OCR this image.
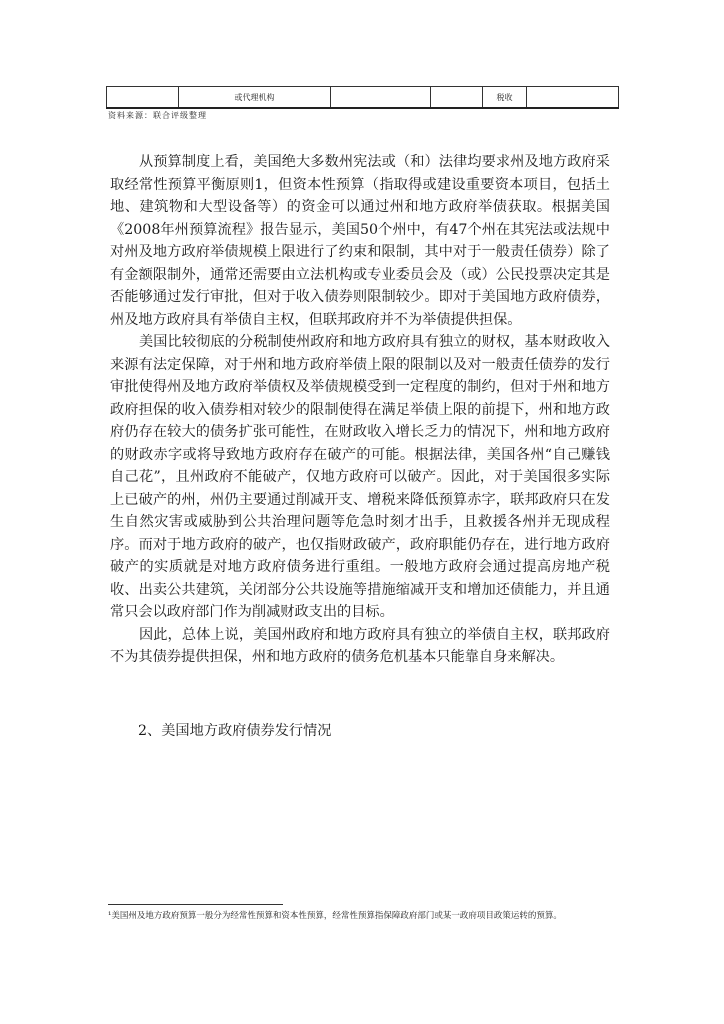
	或代理机构			税收	
资料来源：联合评级整理

从预算制度上看，美国绝大多数州宪法或（和）法律均要求州及地方政府采取经常性预算平衡原则1，但资本性预算（指取得或建设重要资本项目，包括土地、建筑物和大型设备等）的资金可以通过州和地方政府举债获取。根据美国《2008年州预算流程》报告显示，美国50个州中，有47个州在其宪法或法规中对州及地方政府举债规模上限进行了约束和限制，其中对于一般责任债券）除了有金额限制外，通常还需要由立法机构或专业委员会及（或）公民投票决定其是否能够通过发行审批，但对于收入债券则限制较少。即对于美国地方政府债券，州及地方政府具有举债自主权，但联邦政府并不为举债提供担保。

美国比较彻底的分税制使州政府和地方政府具有独立的财权，基本财政收入来源有法定保障，对于州和地方政府举债上限的限制以及对一般责任债券的发行审批使得州及地方政府举债权及举债规模受到一定程度的制约，但对于州和地方政府担保的收入债券相对较少的限制使得在满足举债上限的前提下，州和地方政府仍存在较大的债务扩张可能性，在财政收入增长乏力的情况下，州和地方政府的财政赤字或将导致地方政府存在破产的可能。根据法律，美国各州“自己赚钱自己花”，且州政府不能破产，仅地方政府可以破产。因此，对于美国很多实际上已破产的州，州仍主要通过削减开支、增税来降低预算赤字，联邦政府只在发生自然灾害或威胁到公共治理问题等危急时刻才出手，且救援各州并无现成程序。而对于地方政府的破产，也仅指财政破产，政府职能仍存在，进行地方政府破产的实质就是对地方政府债务进行重组。一般地方政府会通过提高房地产税收、出卖公共建筑，关闭部分公共设施等措施缩减开支和增加还债能力，并且通常只会以政府部门作为削减财政支出的目标。

因此，总体上说，美国州政府和地方政府具有独立的举债自主权，联邦政府不为其债券提供担保，州和地方政府的债务危机基本只能靠自身来解决。

2、美国地方政府债券发行情况
¹美国州及地方政府预算一般分为经常性预算和资本性预算，经常性预算指保障政府部门或某一政府项目政策运转的预算。
